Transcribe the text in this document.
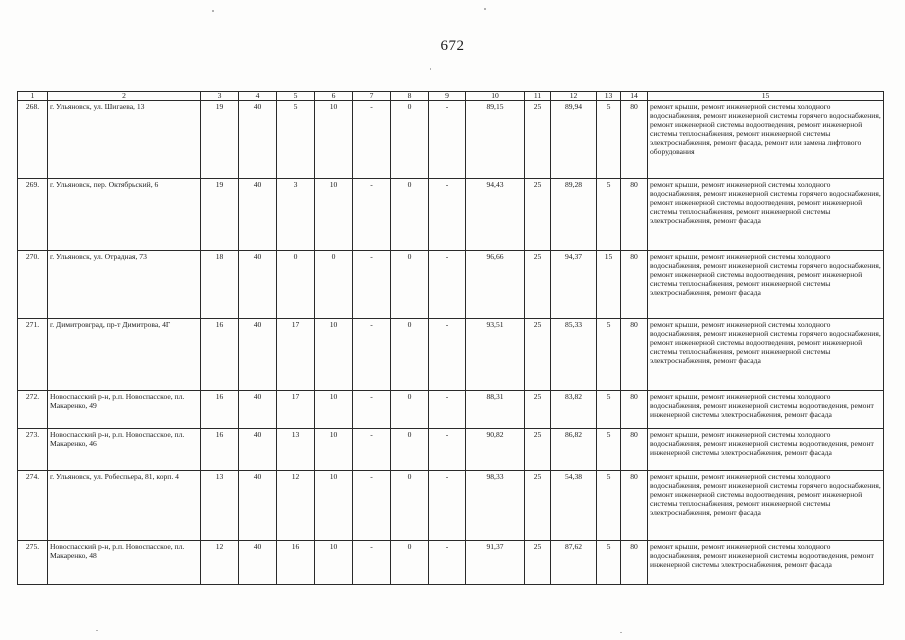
672
1	2	3	4	5	6	7	8	9	10	11	12	13	14	15
268.	г. Ульяновск, ул. Шигаева, 13	19	40	5	10	-	0	-	89,15	25	89,94	5	80	ремонт крыши, ремонт инженерной системы холодного водоснабжения, ремонт инженерной системы горячего водоснабжения, ремонт инженерной системы водоотведения, ремонт инженерной системы теплоснабжения, ремонт инженерной системы электроснабжения, ремонт фасада, ремонт или замена лифтового оборудования
269.	г. Ульяновск, пер. Октябрьский, 6	19	40	3	10	-	0	-	94,43	25	89,28	5	80	ремонт крыши, ремонт инженерной системы холодного водоснабжения, ремонт инженерной системы горячего водоснабжения, ремонт инженерной системы водоотведения, ремонт инженерной системы теплоснабжения, ремонт инженерной системы электроснабжения, ремонт фасада
270.	г. Ульяновск, ул. Отрадная, 73	18	40	0	0	-	0	-	96,66	25	94,37	15	80	ремонт крыши, ремонт инженерной системы холодного водоснабжения, ремонт инженерной системы горячего водоснабжения, ремонт инженерной системы водоотведения, ремонт инженерной системы теплоснабжения, ремонт инженерной системы электроснабжения, ремонт фасада
271.	г. Димитровград, пр-т Димитрова, 4Г	16	40	17	10	-	0	-	93,51	25	85,33	5	80	ремонт крыши, ремонт инженерной системы холодного водоснабжения, ремонт инженерной системы горячего водоснабжения, ремонт инженерной системы водоотведения, ремонт инженерной системы теплоснабжения, ремонт инженерной системы электроснабжения, ремонт фасада
272.	Новоспасский р-н, р.п. Новоспасское, пл. Макаренко, 49	16	40	17	10	-	0	-	88,31	25	83,82	5	80	ремонт крыши, ремонт инженерной системы холодного водоснабжения, ремонт инженерной системы водоотведения, ремонт инженерной системы электроснабжения, ремонт фасада
273.	Новоспасский р-н, р.п. Новоспасское, пл. Макаренко, 46	16	40	13	10	-	0	-	90,82	25	86,82	5	80	ремонт крыши, ремонт инженерной системы холодного водоснабжения, ремонт инженерной системы водоотведения, ремонт инженерной системы электроснабжения, ремонт фасада
274.	г. Ульяновск, ул. Робеспьера, 81, корп. 4	13	40	12	10	-	0	-	98,33	25	54,38	5	80	ремонт крыши, ремонт инженерной системы холодного водоснабжения, ремонт инженерной системы горячего водоснабжения, ремонт инженерной системы водоотведения, ремонт инженерной системы теплоснабжения, ремонт инженерной системы электроснабжения, ремонт фасада
275.	Новоспасский р-н, р.п. Новоспасское, пл. Макаренко, 48	12	40	16	10	-	0	-	91,37	25	87,62	5	80	ремонт крыши, ремонт инженерной системы холодного водоснабжения, ремонт инженерной системы водоотведения, ремонт инженерной системы электроснабжения, ремонт фасада
